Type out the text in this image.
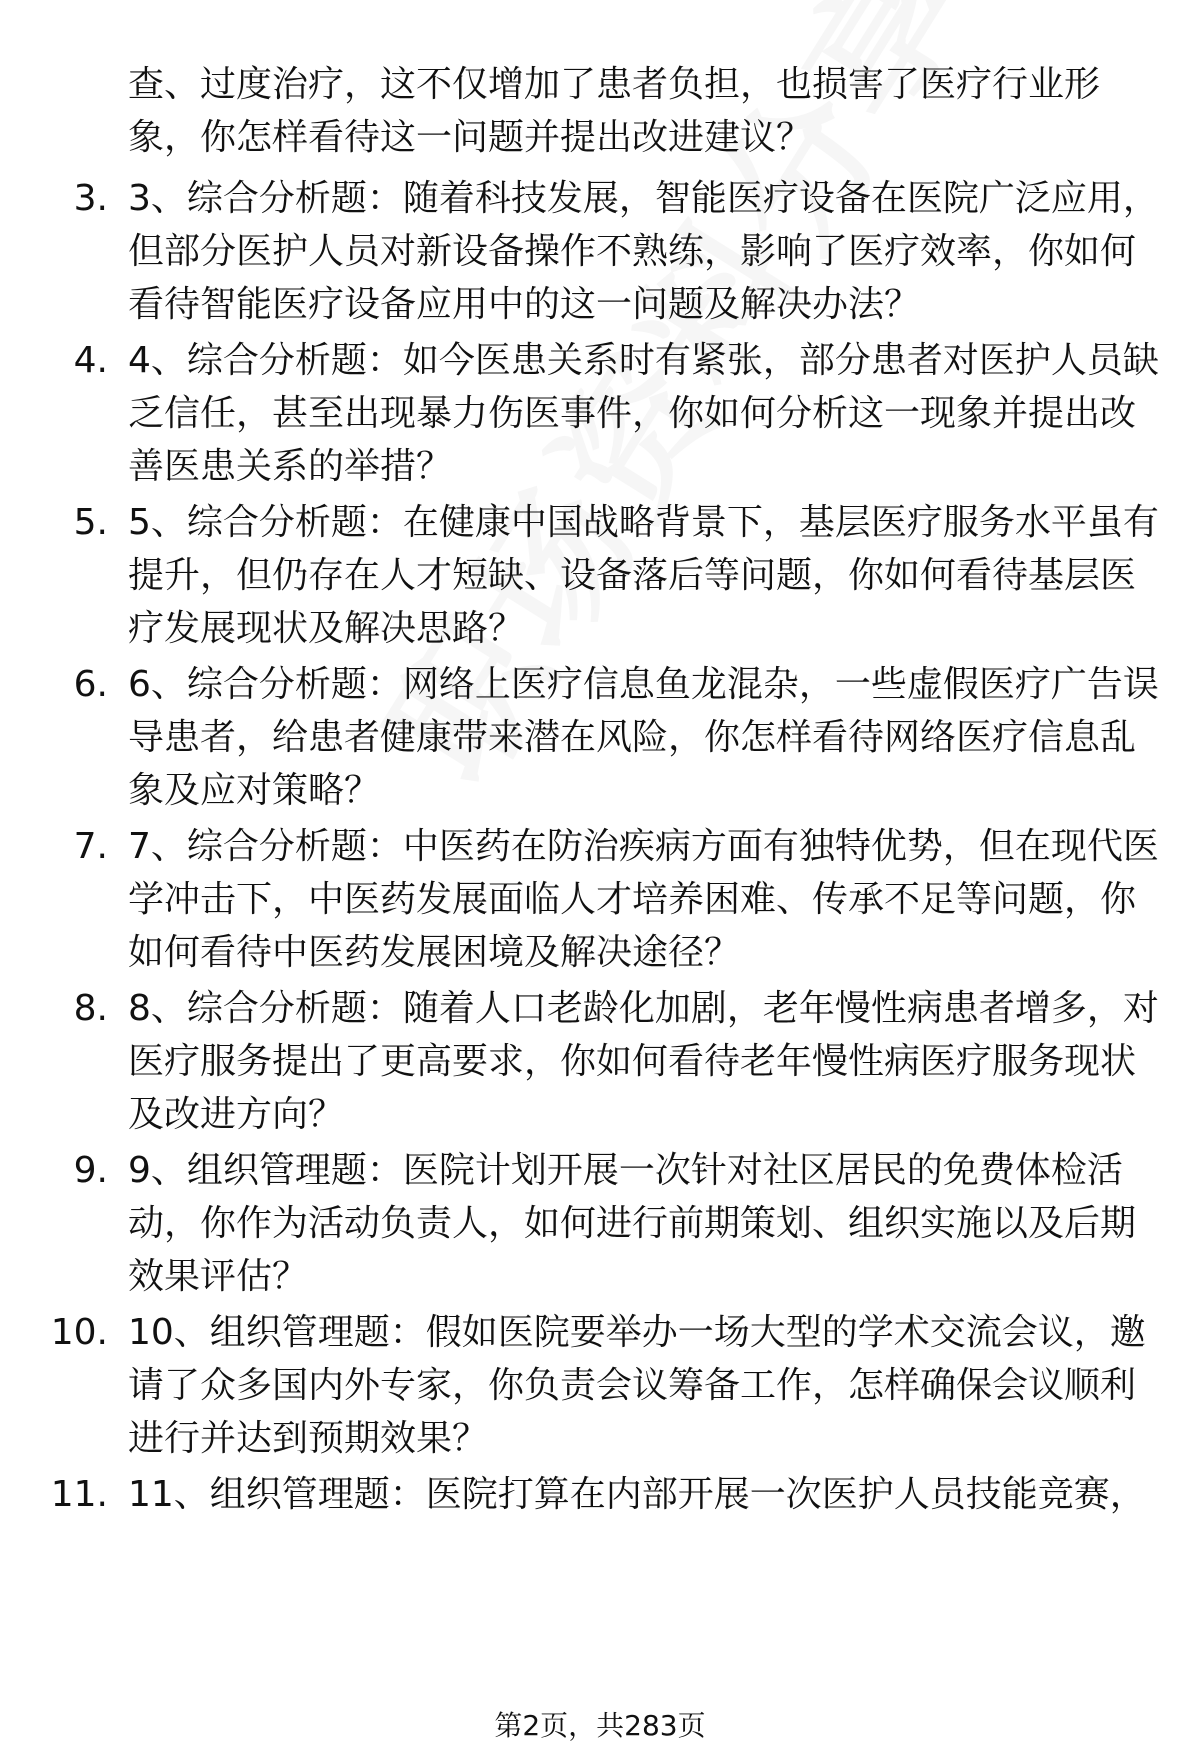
查、过度治疗，这不仅增加了患者负担，也损害了医疗行业形象，你怎样看待这一问题并提出改进建议？
3. 3、综合分析题：随着科技发展，智能医疗设备在医院广泛应用，但部分医护人员对新设备操作不熟练，影响了医疗效率，你如何看待智能医疗设备应用中的这一问题及解决办法？
4. 4、综合分析题：如今医患关系时有紧张，部分患者对医护人员缺乏信任，甚至出现暴力伤医事件，你如何分析这一现象并提出改善医患关系的举措？
5. 5、综合分析题：在健康中国战略背景下，基层医疗服务水平虽有提升，但仍存在人才短缺、设备落后等问题，你如何看待基层医疗发展现状及解决思路？
6. 6、综合分析题：网络上医疗信息鱼龙混杂，一些虚假医疗广告误导患者，给患者健康带来潜在风险，你怎样看待网络医疗信息乱象及应对策略？
7. 7、综合分析题：中医药在防治疾病方面有独特优势，但在现代医学冲击下，中医药发展面临人才培养困难、传承不足等问题，你如何看待中医药发展困境及解决途径？
8. 8、综合分析题：随着人口老龄化加剧，老年慢性病患者增多，对医疗服务提出了更高要求，你如何看待老年慢性病医疗服务现状及改进方向？
9. 9、组织管理题：医院计划开展一次针对社区居民的免费体检活动，你作为活动负责人，如何进行前期策划、组织实施以及后期效果评估？
10. 10、组织管理题：假如医院要举办一场大型的学术交流会议，邀请了众多国内外专家，你负责会议筹备工作，怎样确保会议顺利进行并达到预期效果？
11. 11、组织管理题：医院打算在内部开展一次医护人员技能竞赛，
第2页，共283页
